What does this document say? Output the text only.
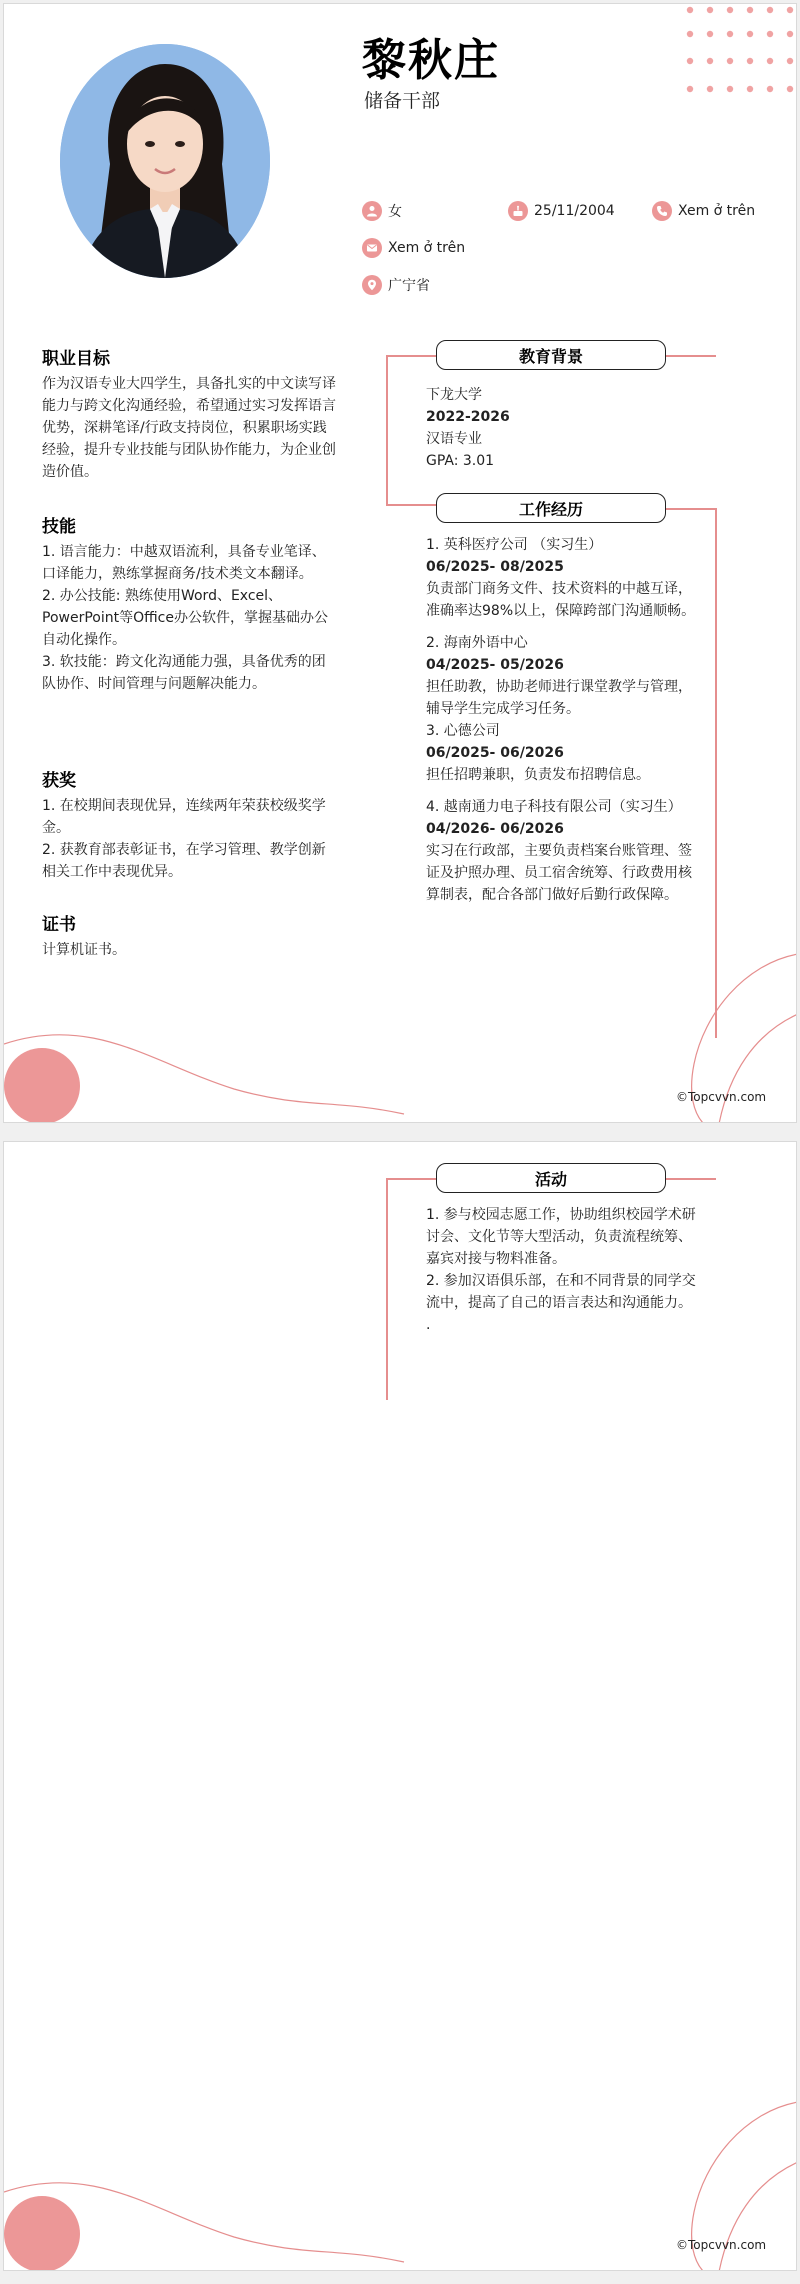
黎秋庄
储备干部
女	25/11/2004	Xem ở trên
Xem ở trên
广宁省
职业目标

作为汉语专业大四学生，具备扎实的中文读写译能力与跨文化沟通经验，希望通过实习发挥语言优势，深耕笔译/行政支持岗位，积累职场实践经验，提升专业技能与团队协作能力，为企业创造价值。

技能

1. 语言能力：中越双语流利，具备专业笔译、口译能力，熟练掌握商务/技术类文本翻译。

2. 办公技能: 熟练使用Word、Excel、PowerPoint等Office办公软件，掌握基础办公自动化操作。

3. 软技能：跨文化沟通能力强，具备优秀的团队协作、时间管理与问题解决能力。

获奖

1. 在校期间表现优异，连续两年荣获校级奖学金。

2. 获教育部表彰证书，在学习管理、教学创新相关工作中表现优异。

证书

计算机证书。

教育背景
下龙大学
2022-2026
汉语专业
GPA: 3.01
工作经历
1. 英科医疗公司 （实习生）
06/2025- 08/2025
负责部门商务文件、技术资料的中越互译，准确率达98%以上，保障跨部门沟通顺畅。
2. 海南外语中心
04/2025- 05/2026
担任助教，协助老师进行课堂教学与管理，辅导学生完成学习任务。
3. 心德公司
06/2025- 06/2026
担任招聘兼职，负责发布招聘信息。
4. 越南通力电子科技有限公司（实习生）
04/2026- 06/2026
实习在行政部，主要负责档案台账管理、签证及护照办理、员工宿舍统筹、行政费用核算制表，配合各部门做好后勤行政保障。
©Topcvvn.com
活动
1. 参与校园志愿工作，协助组织校园学术研讨会、文化节等大型活动，负责流程统筹、嘉宾对接与物料准备。
2. 参加汉语俱乐部，在和不同背景的同学交流中，提高了自己的语言表达和沟通能力。
.
©Topcvvn.com
